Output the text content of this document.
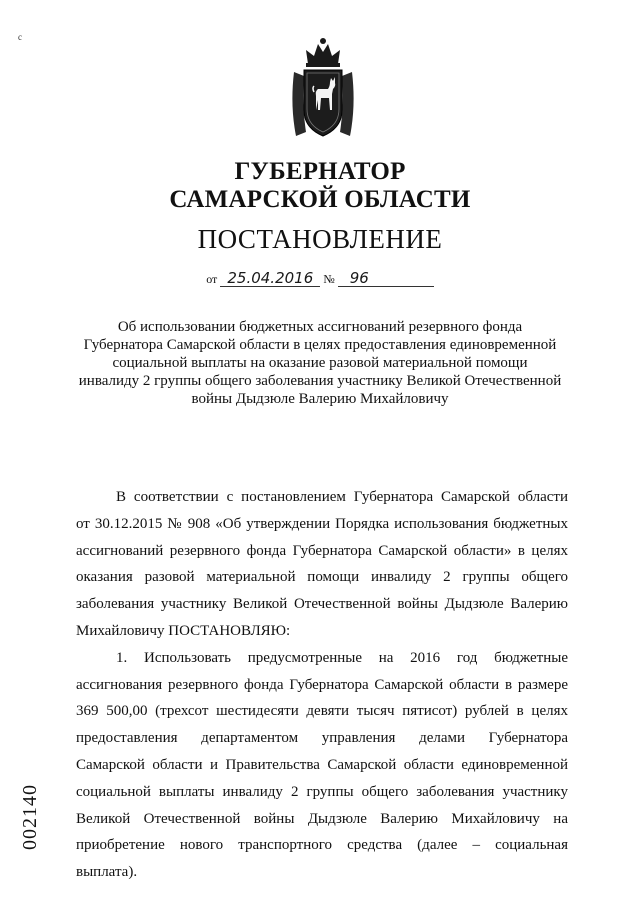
с
ГУБЕРНАТОР
САМАРСКОЙ ОБЛАСТИ
ПОСТАНОВЛЕНИЕ
от 25.04.2016 № 96
Об использовании бюджетных ассигнований резервного фонда
Губернатора Самарской области в целях предоставления единовременной
социальной выплаты на оказание разовой материальной помощи
инвалиду 2 группы общего заболевания участнику Великой Отечественной
войны Дыдзюле Валерию Михайловичу
В соответствии с постановлением Губернатора Самарской области
от 30.12.2015 № 908 «Об утверждении Порядка использования бюджетных
ассигнований резервного фонда Губернатора Самарской области» в целях
оказания разовой материальной помощи инвалиду 2 группы общего
заболевания участнику Великой Отечественной войны Дыдзюле Валерию
Михайловичу ПОСТАНОВЛЯЮ:
1. Использовать предусмотренные на 2016 год бюджетные
ассигнования резервного фонда Губернатора Самарской области в размере
369 500,00 (трехсот шестидесяти девяти тысяч пятисот) рублей в целях
предоставления департаментом управления делами Губернатора
Самарской области и Правительства Самарской области единовременной
социальной выплаты инвалиду 2 группы общего заболевания участнику
Великой Отечественной войны Дыдзюле Валерию Михайловичу на
приобретение нового транспортного средства (далее – социальная
выплата).
002140
